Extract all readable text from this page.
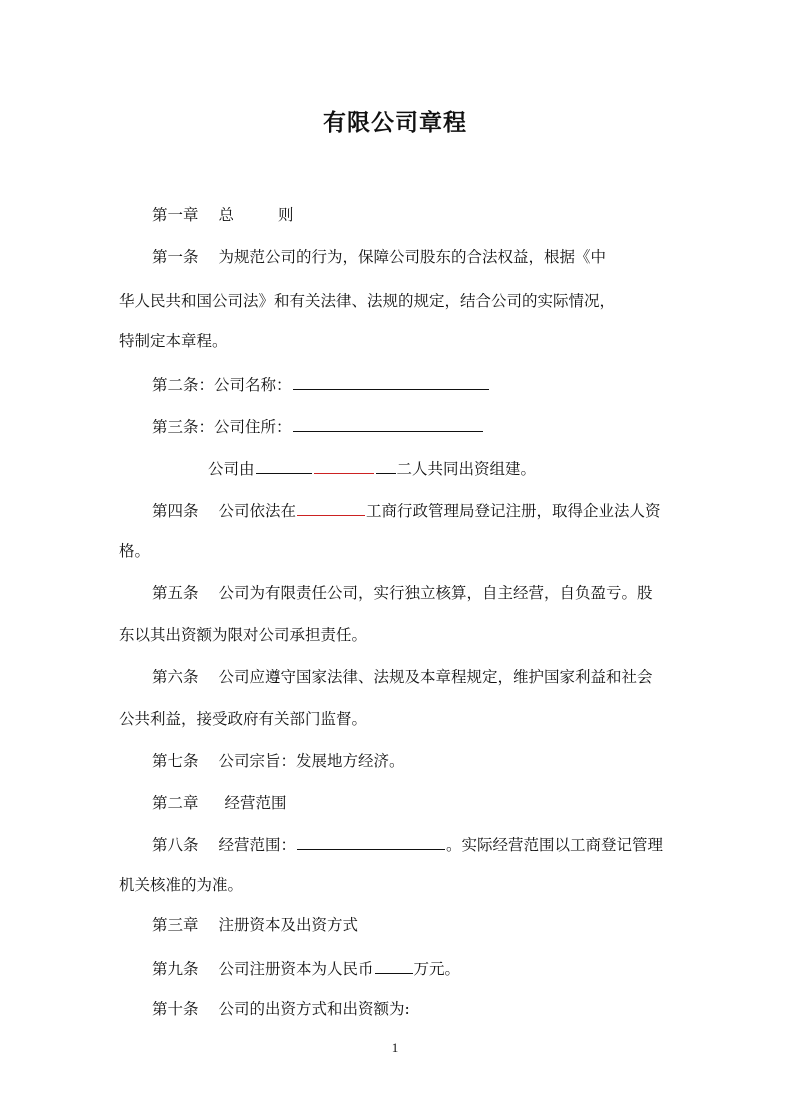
有限公司章程
第一章 总	则
第一条 为规范公司的行为，保障公司股东的合法权益，根据《中
华人民共和国公司法》和有关法律、法规的规定，结合公司的实际情况，
特制定本章程。
第二条：公司名称：
第三条：公司住所：
公司由	二人共同出资组建。
第四条 公司依法在	工商行政管理局登记注册，取得企业法人资
格。
第五条 公司为有限责任公司，实行独立核算，自主经营，自负盈亏。股
东以其出资额为限对公司承担责任。
第六条 公司应遵守国家法律、法规及本章程规定，维护国家利益和社会
公共利益，接受政府有关部门监督。
第七条 公司宗旨：发展地方经济。
第二章 经营范围
第八条 经营范围：	。实际经营范围以工商登记管理
机关核准的为准。
第三章 注册资本及出资方式
第九条 公司注册资本为人民币	万元。
第十条 公司的出资方式和出资额为:
1
